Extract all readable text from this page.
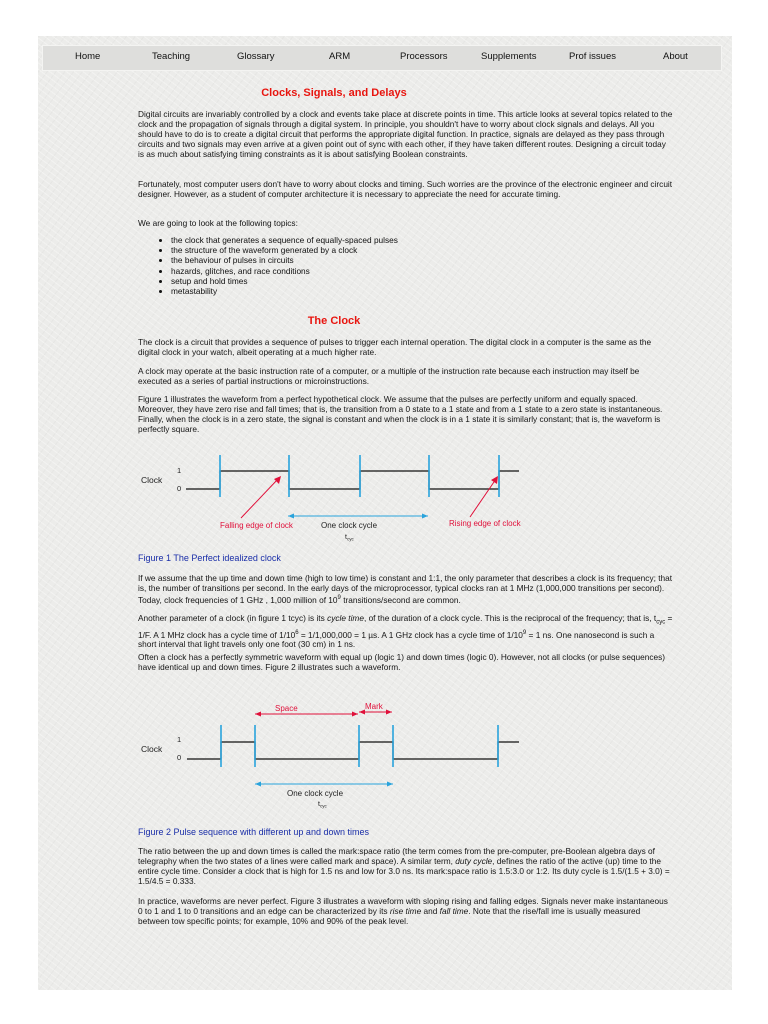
Home	Teaching	Glossary	ARM	Processors	Supplements	Prof issues	About
Clocks, Signals, and Delays

Digital circuits are invariably controlled by a clock and events take place at discrete points in time. This article looks at several topics related to the clock and the propagation of signals through a digital system. In principle, you shouldn't have to worry about clock signals and delays. All you should have to do is to create a digital circuit that performs the appropriate digital function. In practice, signals are delayed as they pass through circuits and two signals may even arrive at a given point out of sync with each other, if they have taken different routes. Designing a circuit today is as much about satisfying timing constraints as it is about satisfying Boolean constraints.

Fortunately, most computer users don't have to worry about clocks and timing. Such worries are the province of the electronic engineer and circuit designer. However, as a student of computer architecture it is necessary to appreciate the need for accurate timing.

We are going to look at the following topics:

• the clock that generates a sequence of equally-spaced pulses
• the structure of the waveform generated by a clock
• the behaviour of pulses in circuits
• hazards, glitches, and race conditions
• setup and hold times
• metastability
The Clock

The clock is a circuit that provides a sequence of pulses to trigger each internal operation. The digital clock in a computer is the same as the digital clock in your watch, albeit operating at a much higher rate.

A clock may operate at the basic instruction rate of a computer, or a multiple of the instruction rate because each instruction may itself be executed as a series of partial instructions or microinstructions.

Figure 1 illustrates the waveform from a perfect hypothetical clock. We assume that the pulses are perfectly uniform and equally spaced. Moreover, they have zero rise and fall times; that is, the transition from a 0 state to a 1 state and from a 1 state to a zero state is instantaneous. Finally, when the clock is in a zero state, the signal is constant and when the clock is in a 1 state it is similarly constant; that is, the waveform is perfectly square.

Clock
1
0
Falling edge of clock	One clock cycle
$t_{cyc}$
Rising edge of clock

Figure 1 The Perfect idealized clock

If we assume that the up time and down time (high to low time) is constant and 1:1, the only parameter that describes a clock is its frequency; that is, the number of transitions per second. In the early days of the microprocessor, typical clocks ran at 1 MHz (1,000,000 transitions per second). Today, clock frequencies of 1 GHz , 1,000 million of $10^9$ transitions/second are common.

Another parameter of a clock (in figure 1 tcyc) is its cycle time, of the duration of a clock cycle. This is the reciprocal of the frequency; that is, $t_{cyc} = 1/F$. A 1 MHz clock has a cycle time of $1/10^6 = 1/1,000,000 = 1$ µs. A 1 GHz clock has a cycle time of $1/10^9 = 1$ ns. One nanosecond is such a short interval that light travels only one foot (30 cm) in 1 ns.

Often a clock has a perfectly symmetric waveform with equal up (logic 1) and down times (logic 0). However, not all clocks (or pulse sequences) have identical up and down times. Figure 2 illustrates such a waveform.

Space	Mark
Clock
1
0
One clock cycle
$t_{cyc}$

Figure 2 Pulse sequence with different up and down times

The ratio between the up and down times is called the mark:space ratio (the term comes from the pre-computer, pre-Boolean algebra days of telegraphy when the two states of a lines were called mark and space). A similar term, duty cycle, defines the ratio of the active (up) time to the entire cycle time. Consider a clock that is high for 1.5 ns and low for 3.0 ns. Its mark:space ratio is 1.5:3.0 or 1:2. Its duty cycle is 1.5/(1.5 + 3.0) = 1.5/4.5 = 0.333.

In practice, waveforms are never perfect. Figure 3 illustrates a waveform with sloping rising and falling edges. Signals never make instantaneous 0 to 1 and 1 to 0 transitions and an edge can be characterized by its rise time and fall time. Note that the rise/fall ime is usually measured between tow specific points; for example, 10% and 90% of the peak level.
